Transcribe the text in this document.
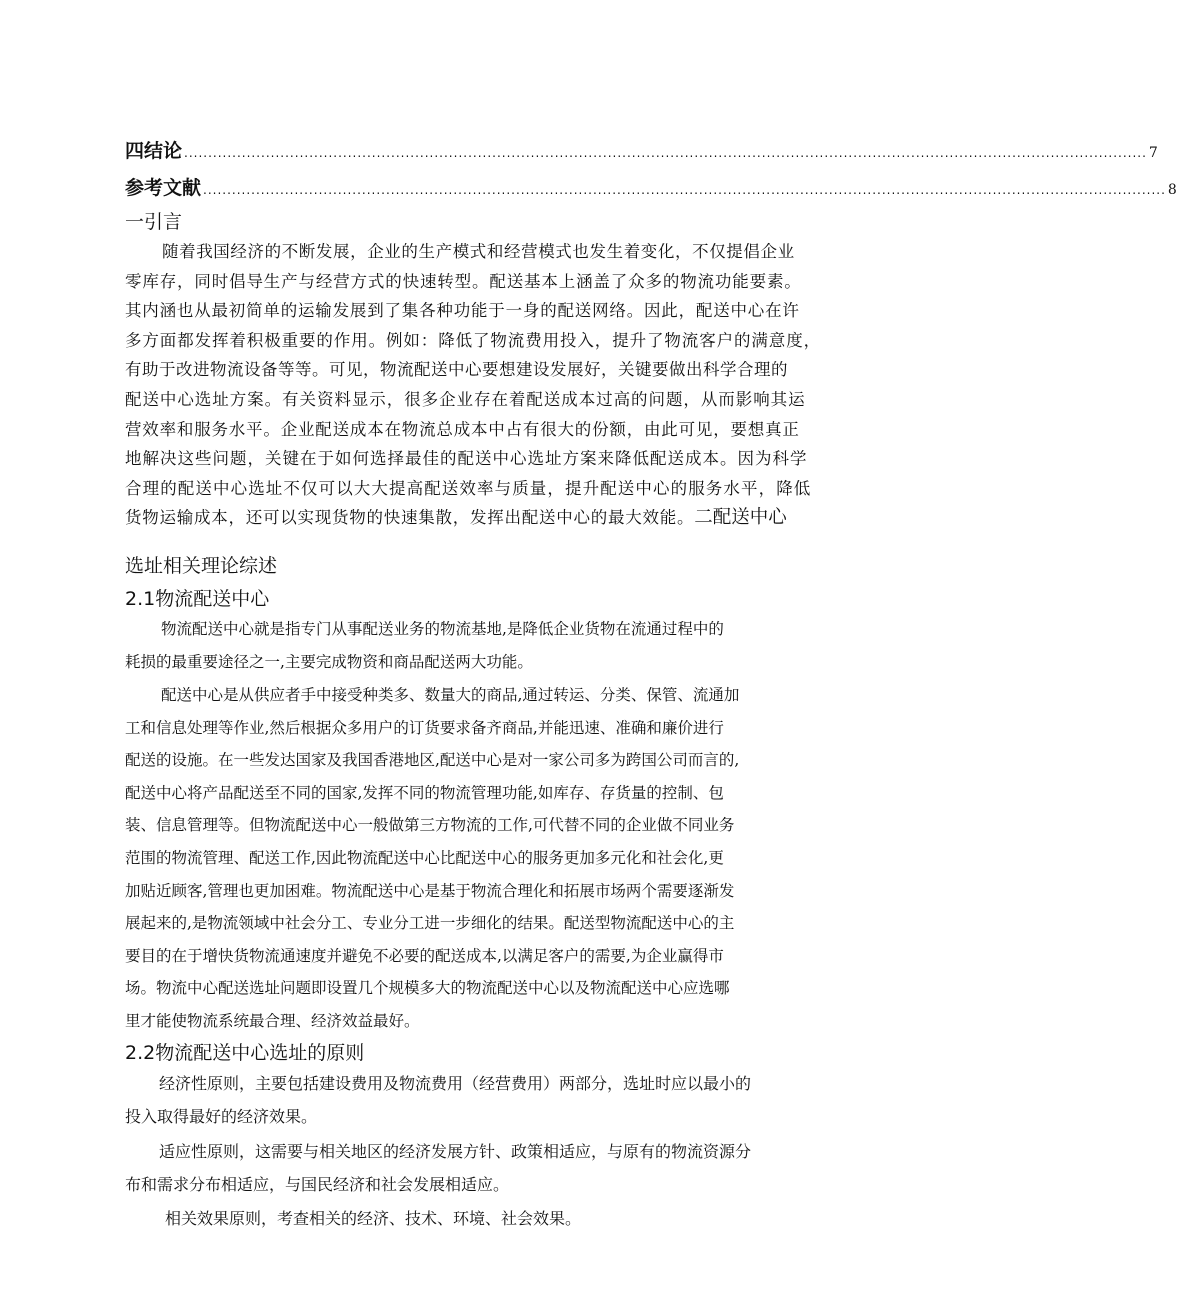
四结论 ........................................................................................................................................................................................................ 7
参考文献 ........................................................................................................................................................................................................ 8
一引言
随着我国经济的不断发展，企业的生产模式和经营模式也发生着变化，不仅提倡企业
零库存，同时倡导生产与经营方式的快速转型。配送基本上涵盖了众多的物流功能要素。
其内涵也从最初简单的运输发展到了集各种功能于一身的配送网络。因此，配送中心在许
多方面都发挥着积极重要的作用。例如：降低了物流费用投入，提升了物流客户的满意度，
有助于改进物流设备等等。可见，物流配送中心要想建设发展好，关键要做出科学合理的
配送中心选址方案。有关资料显示，很多企业存在着配送成本过高的问题，从而影响其运
营效率和服务水平。企业配送成本在物流总成本中占有很大的份额，由此可见，要想真正
地解决这些问题，关键在于如何选择最佳的配送中心选址方案来降低配送成本。因为科学
合理的配送中心选址不仅可以大大提高配送效率与质量，提升配送中心的服务水平，降低
货物运输成本，还可以实现货物的快速集散，发挥出配送中心的最大效能。二配送中心
选址相关理论综述
2.1物流配送中心
物流配送中心就是指专门从事配送业务的物流基地,是降低企业货物在流通过程中的
耗损的最重要途径之一,主要完成物资和商品配送两大功能。
配送中心是从供应者手中接受种类多、数量大的商品,通过转运、分类、保管、流通加
工和信息处理等作业,然后根据众多用户的订货要求备齐商品,并能迅速、准确和廉价进行
配送的设施。在一些发达国家及我国香港地区,配送中心是对一家公司多为跨国公司而言的,
配送中心将产品配送至不同的国家,发挥不同的物流管理功能,如库存、存货量的控制、包
装、信息管理等。但物流配送中心一般做第三方物流的工作,可代替不同的企业做不同业务
范围的物流管理、配送工作,因此物流配送中心比配送中心的服务更加多元化和社会化,更
加贴近顾客,管理也更加困难。物流配送中心是基于物流合理化和拓展市场两个需要逐渐发
展起来的,是物流领域中社会分工、专业分工进一步细化的结果。配送型物流配送中心的主
要目的在于增快货物流通速度并避免不必要的配送成本,以满足客户的需要,为企业赢得市
场。物流中心配送选址问题即设置几个规模多大的物流配送中心以及物流配送中心应选哪
里才能使物流系统最合理、经济效益最好。
2.2物流配送中心选址的原则
经济性原则，主要包括建设费用及物流费用（经营费用）两部分，选址时应以最小的
投入取得最好的经济效果。
适应性原则，这需要与相关地区的经济发展方针、政策相适应，与原有的物流资源分
布和需求分布相适应，与国民经济和社会发展相适应。
相关效果原则，考查相关的经济、技术、环境、社会效果。
